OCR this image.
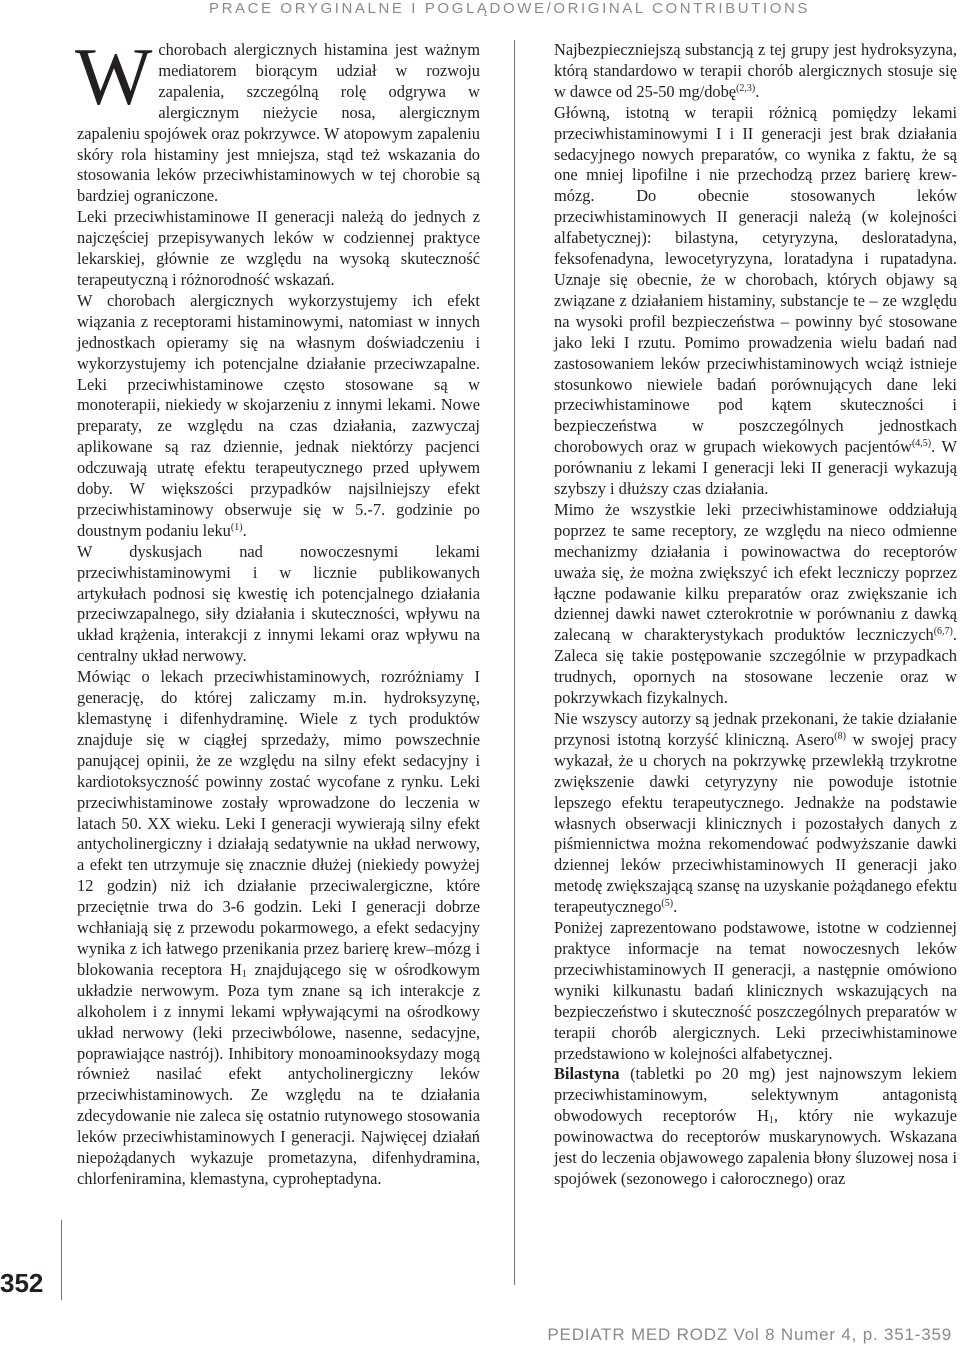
PRACE ORYGINALNE I POGLĄDOWE/ORIGINAL CONTRIBUTIONS

W chorobach alergicznych histamina jest ważnym mediatorem biorącym udział w rozwoju zapalenia, szczególną rolę odgrywa w alergicznym nieżycie nosa, alergicznym zapaleniu spojówek oraz pokrzywce. W atopowym zapaleniu skóry rola histaminy jest mniejsza, stąd też wskazania do stosowania leków przeciwhistaminowych w tej chorobie są bardziej ograniczone.

Leki przeciwhistaminowe II generacji należą do jednych z najczęściej przepisywanych leków w codziennej praktyce lekarskiej, głównie ze względu na wysoką skuteczność terapeutyczną i różnorodność wskazań.

W chorobach alergicznych wykorzystujemy ich efekt wiązania z receptorami histaminowymi, natomiast w innych jednostkach opieramy się na własnym doświadczeniu i wykorzystujemy ich potencjalne działanie przeciwzapalne. Leki przeciwhistaminowe często stosowane są w monoterapii, niekiedy w skojarzeniu z innymi lekami. Nowe preparaty, ze względu na czas działania, zazwyczaj aplikowane są raz dziennie, jednak niektórzy pacjenci odczuwają utratę efektu terapeutycznego przed upływem doby. W większości przypadków najsilniejszy efekt przeciwhistaminowy obserwuje się w 5.-7. godzinie po doustnym podaniu leku$^{(1)}$.

W dyskusjach nad nowoczesnymi lekami przeciwhistaminowymi i w licznie publikowanych artykułach podnosi się kwestię ich potencjalnego działania przeciwzapalnego, siły działania i skuteczności, wpływu na układ krążenia, interakcji z innymi lekami oraz wpływu na centralny układ nerwowy.

Mówiąc o lekach przeciwhistaminowych, rozróżniamy I generację, do której zaliczamy m.in. hydroksyzynę, klemastynę i difenhydraminę. Wiele z tych produktów znajduje się w ciągłej sprzedaży, mimo powszechnie panującej opinii, że ze względu na silny efekt sedacyjny i kardiotoksyczność powinny zostać wycofane z rynku. Leki przeciwhistaminowe zostały wprowadzone do leczenia w latach 50. XX wieku. Leki I generacji wywierają silny efekt antycholinergiczny i działają sedatywnie na układ nerwowy, a efekt ten utrzymuje się znacznie dłużej (niekiedy powyżej 12 godzin) niż ich działanie przeciwalergiczne, które przeciętnie trwa do 3-6 godzin. Leki I generacji dobrze wchłaniają się z przewodu pokarmowego, a efekt sedacyjny wynika z ich łatwego przenikania przez barierę krew–mózg i blokowania receptora $H_1$ znajdującego się w ośrodkowym układzie nerwowym. Poza tym znane są ich interakcje z alkoholem i z innymi lekami wpływającymi na ośrodkowy układ nerwowy (leki przeciwbólowe, nasenne, sedacyjne, poprawiające nastrój). Inhibitory monoaminooksydazy mogą również nasilać efekt antycholinergiczny leków przeciwhistaminowych. Ze względu na te działania zdecydowanie nie zaleca się ostatnio rutynowego stosowania leków przeciwhistaminowych I generacji. Najwięcej działań niepożądanych wykazuje prometazyna, difenhydramina, chlorfeniramina, klemastyna, cyproheptadyna.

Najbezpieczniejszą substancją z tej grupy jest hydroksyzyna, którą standardowo w terapii chorób alergicznych stosuje się w dawce od 25-50 mg/dobę$^{(2,3)}$.

Główną, istotną w terapii różnicą pomiędzy lekami przeciwhistaminowymi I i II generacji jest brak działania sedacyjnego nowych preparatów, co wynika z faktu, że są one mniej lipofilne i nie przechodzą przez barierę krew-mózg. Do obecnie stosowanych leków przeciwhistaminowych II generacji należą (w kolejności alfabetycznej): bilastyna, cetyryzyna, desloratadyna, feksofenadyna, lewocetyryzyna, loratadyna i rupatadyna. Uznaje się obecnie, że w chorobach, których objawy są związane z działaniem histaminy, substancje te – ze względu na wysoki profil bezpieczeństwa – powinny być stosowane jako leki I rzutu. Pomimo prowadzenia wielu badań nad zastosowaniem leków przeciwhistaminowych wciąż istnieje stosunkowo niewiele badań porównujących dane leki przeciwhistaminowe pod kątem skuteczności i bezpieczeństwa w poszczególnych jednostkach chorobowych oraz w grupach wiekowych pacjentów$^{(4,5)}$. W porównaniu z lekami I generacji leki II generacji wykazują szybszy i dłuższy czas działania.

Mimo że wszystkie leki przeciwhistaminowe oddziałują poprzez te same receptory, ze względu na nieco odmienne mechanizmy działania i powinowactwa do receptorów uważa się, że można zwiększyć ich efekt leczniczy poprzez łączne podawanie kilku preparatów oraz zwiększanie ich dziennej dawki nawet czterokrotnie w porównaniu z dawką zalecaną w charakterystykach produktów leczniczych$^{(6,7)}$. Zaleca się takie postępowanie szczególnie w przypadkach trudnych, opornych na stosowane leczenie oraz w pokrzywkach fizykalnych.

Nie wszyscy autorzy są jednak przekonani, że takie działanie przynosi istotną korzyść kliniczną. Asero$^{(8)}$ w swojej pracy wykazał, że u chorych na pokrzywkę przewlekłą trzykrotne zwiększenie dawki cetyryzyny nie powoduje istotnie lepszego efektu terapeutycznego. Jednakże na podstawie własnych obserwacji klinicznych i pozostałych danych z piśmiennictwa można rekomendować podwyższanie dawki dziennej leków przeciwhistaminowych II generacji jako metodę zwiększającą szansę na uzyskanie pożądanego efektu terapeutycznego$^{(5)}$.

Poniżej zaprezentowano podstawowe, istotne w codziennej praktyce informacje na temat nowoczesnych leków przeciwhistaminowych II generacji, a następnie omówiono wyniki kilkunastu badań klinicznych wskazujących na bezpieczeństwo i skuteczność poszczególnych preparatów w terapii chorób alergicznych. Leki przeciwhistaminowe przedstawiono w kolejności alfabetycznej.

Bilastyna (tabletki po 20 mg) jest najnowszym lekiem przeciwhistaminowym, selektywnym antagonistą obwodowych receptorów $H_1$, który nie wykazuje powinowactwa do receptorów muskarynowych. Wskazana jest do leczenia objawowego zapalenia błony śluzowej nosa i spojówek (sezonowego i całorocznego) oraz

352
PEDIATR MED RODZ Vol 8 Numer 4, p. 351-359
